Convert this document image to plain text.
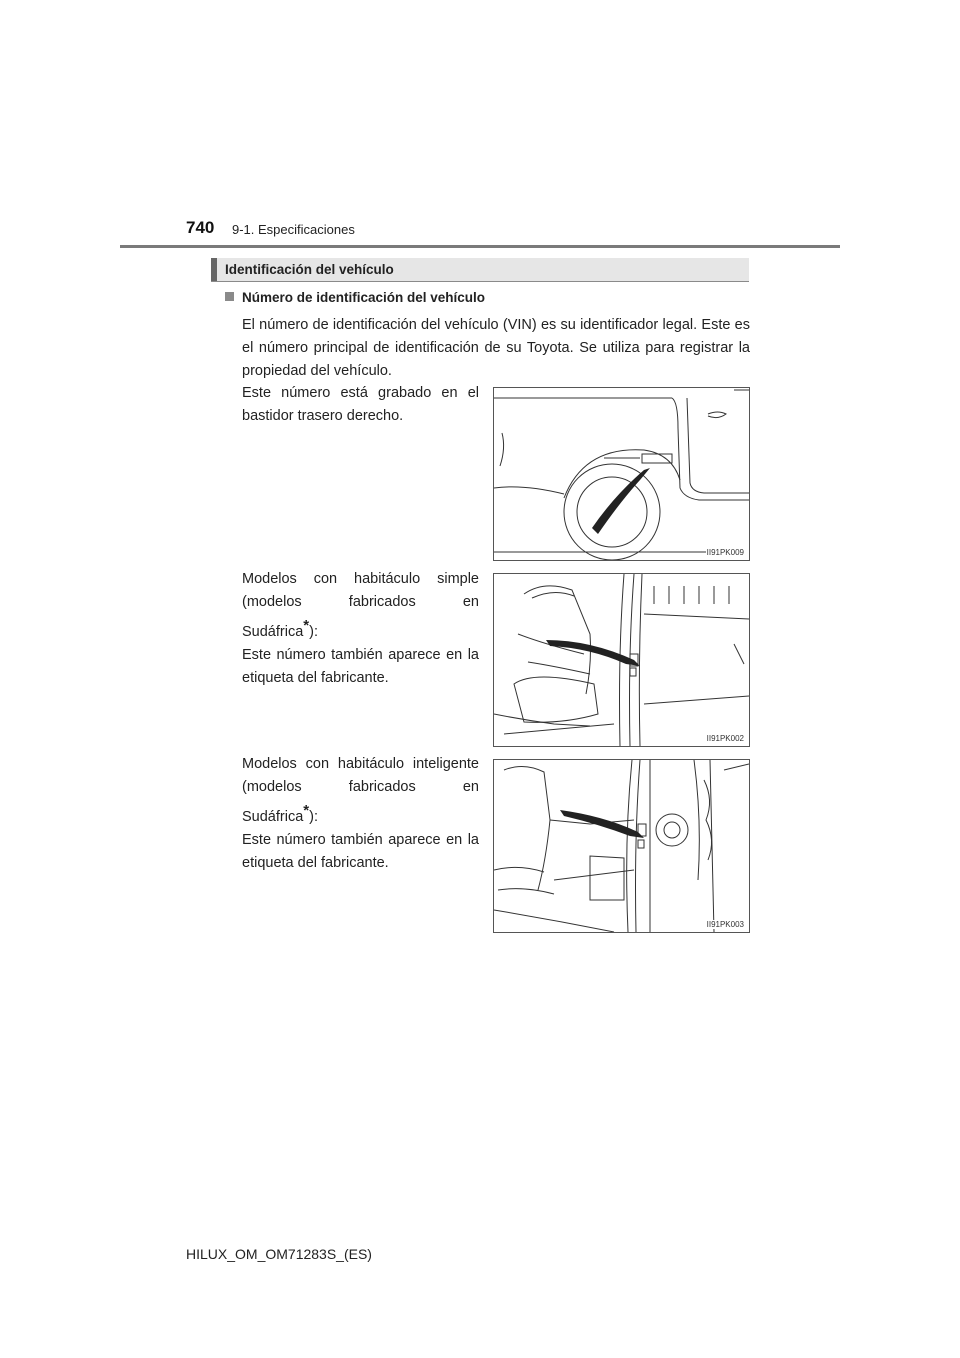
740 9-1. Especificaciones
Identificación del vehículo
Número de identificación del vehículo
El número de identificación del vehículo (VIN) es su identificador legal. Este es el número principal de identificación de su Toyota. Se utiliza para registrar la propiedad del vehículo.
Este número está grabado en el bastidor trasero derecho.
II91PK009
Modelos con habitáculo simple
(modelos fabricados en
Sudáfrica*):
Este número también aparece en la etiqueta del fabricante.
II91PK002
Modelos con habitáculo inteligente
(modelos fabricados en
Sudáfrica*):
Este número también aparece en la etiqueta del fabricante.
II91PK003
HILUX_OM_OM71283S_(ES)
